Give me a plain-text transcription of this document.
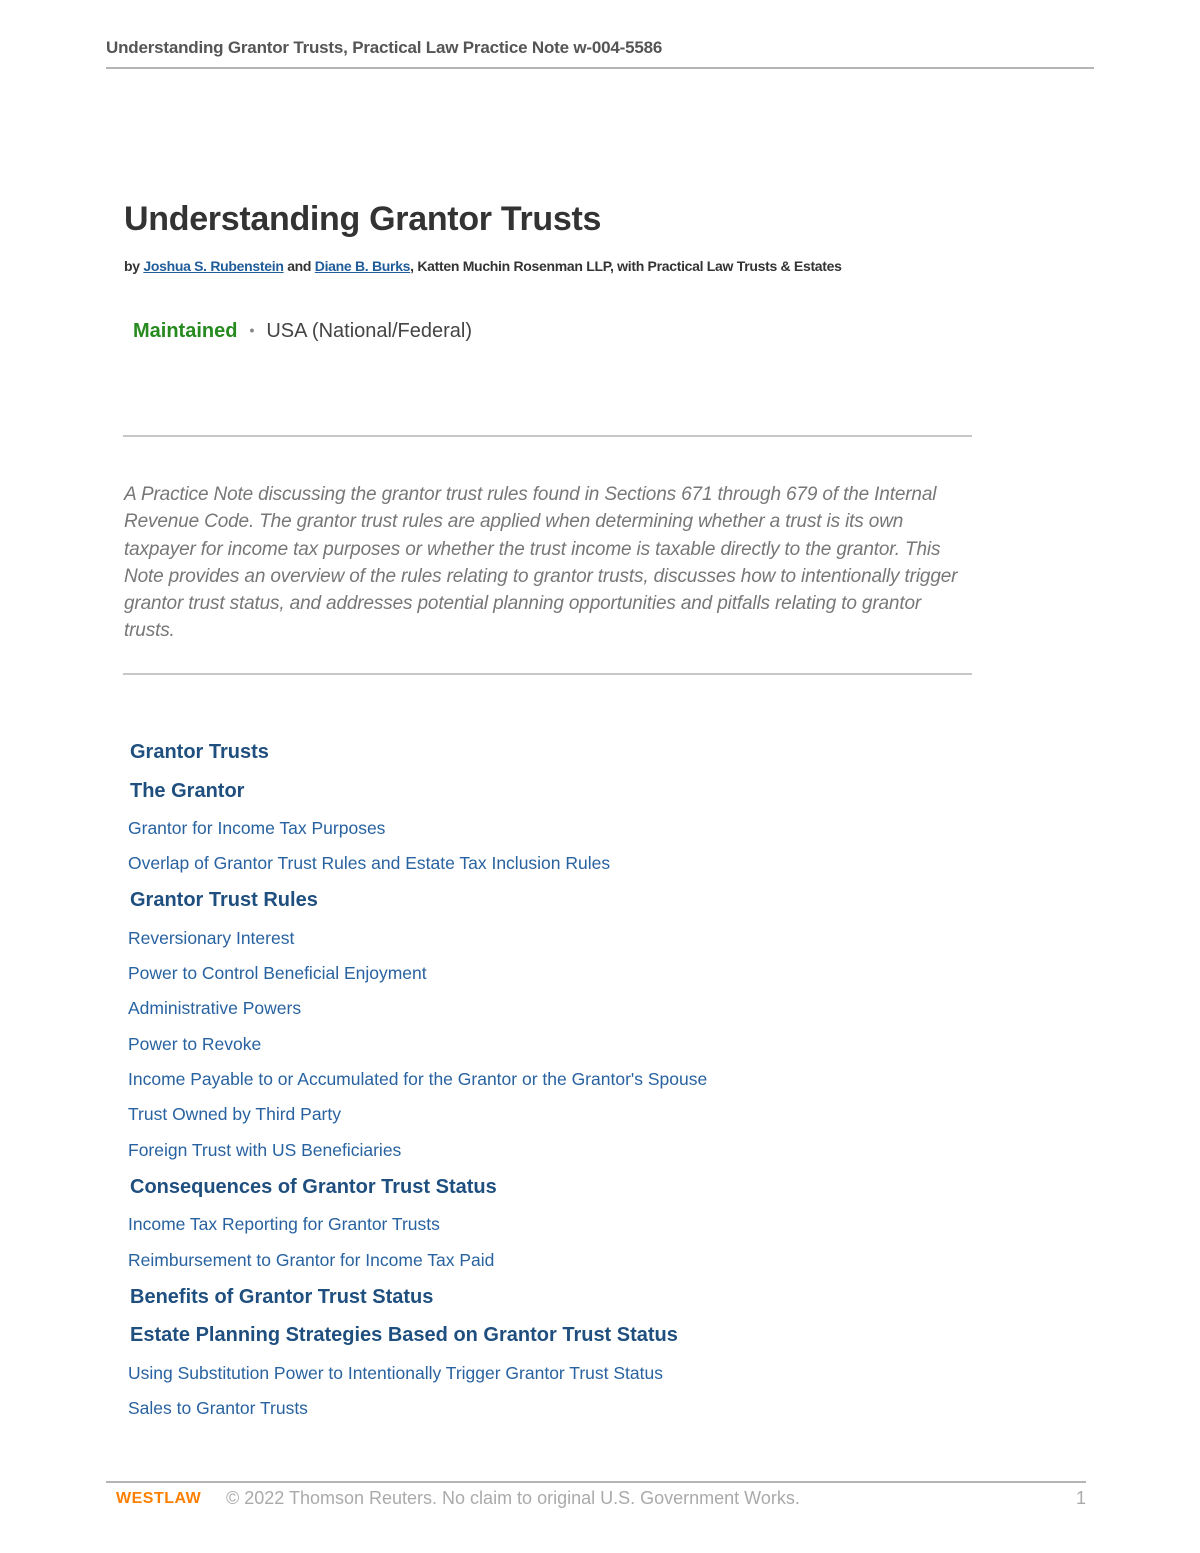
Understanding Grantor Trusts, Practical Law Practice Note w-004-5586
Understanding Grantor Trusts
by Joshua S. Rubenstein and Diane B. Burks, Katten Muchin Rosenman LLP, with Practical Law Trusts & Estates
Maintained • USA (National/Federal)

A Practice Note discussing the grantor trust rules found in Sections 671 through 679 of the Internal Revenue Code. The grantor trust rules are applied when determining whether a trust is its own taxpayer for income tax purposes or whether the trust income is taxable directly to the grantor. This Note provides an overview of the rules relating to grantor trusts, discusses how to intentionally trigger grantor trust status, and addresses potential planning opportunities and pitfalls relating to grantor trusts.

Grantor Trusts
The Grantor
Grantor for Income Tax Purposes
Overlap of Grantor Trust Rules and Estate Tax Inclusion Rules
Grantor Trust Rules
Reversionary Interest
Power to Control Beneficial Enjoyment
Administrative Powers
Power to Revoke
Income Payable to or Accumulated for the Grantor or the Grantor's Spouse
Trust Owned by Third Party
Foreign Trust with US Beneficiaries
Consequences of Grantor Trust Status
Income Tax Reporting for Grantor Trusts
Reimbursement to Grantor for Income Tax Paid
Benefits of Grantor Trust Status
Estate Planning Strategies Based on Grantor Trust Status
Using Substitution Power to Intentionally Trigger Grantor Trust Status
Sales to Grantor Trusts
WESTLAW © 2022 Thomson Reuters. No claim to original U.S. Government Works.	1
